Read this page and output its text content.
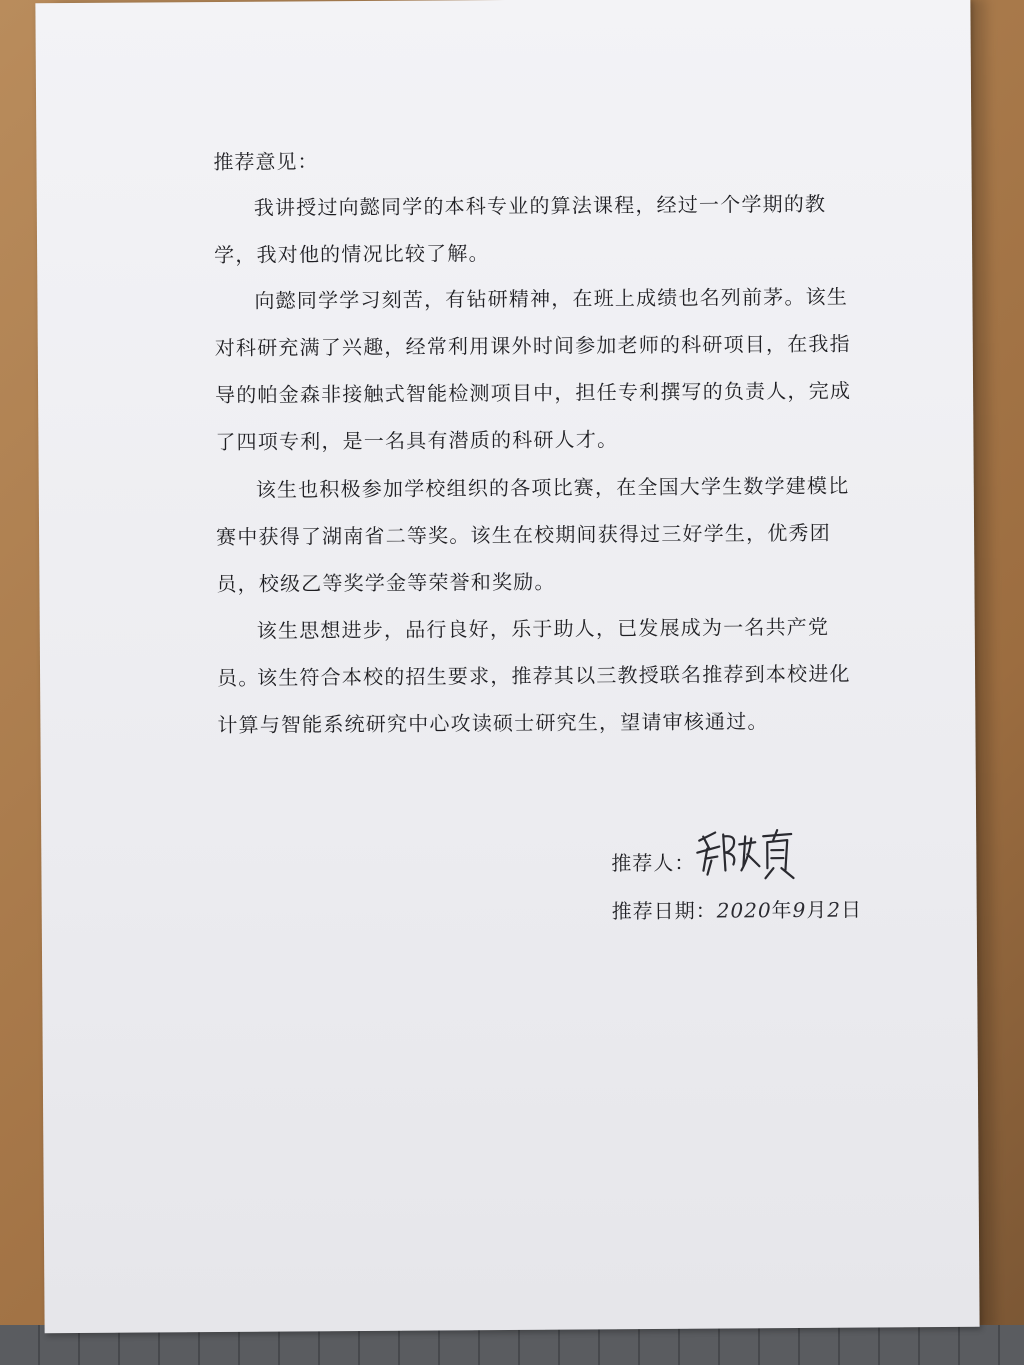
推荐意见：

我讲授过向懿同学的本科专业的算法课程，经过一个学期的教学，我对他的情况比较了解。

向懿同学学习刻苦，有钻研精神，在班上成绩也名列前茅。该生对科研充满了兴趣，经常利用课外时间参加老师的科研项目，在我指导的帕金森非接触式智能检测项目中，担任专利撰写的负责人，完成了四项专利，是一名具有潜质的科研人才。

该生也积极参加学校组织的各项比赛，在全国大学生数学建模比赛中获得了湖南省二等奖。该生在校期间获得过三好学生，优秀团员，校级乙等奖学金等荣誉和奖励。

该生思想进步，品行良好，乐于助人，已发展成为一名共产党员。

该生符合本校的招生要求，推荐其以三教授联名推荐到本校进化计算与智能系统研究中心攻读硕士研究生，望请审核通过。

推荐人：
推荐日期：2020年9月2日
